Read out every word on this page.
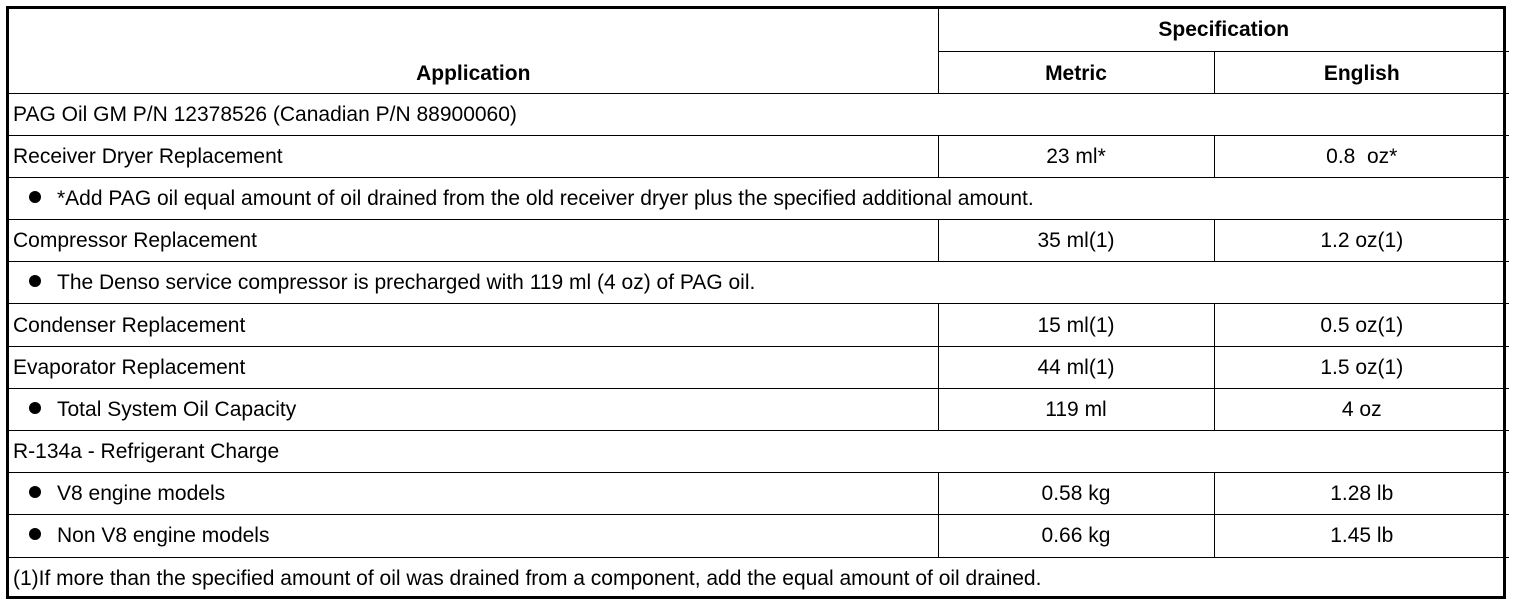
Application	Specification	
	Metric	English
PAG Oil GM P/N 12378526 (Canadian P/N 88900060)		
Receiver Dryer Replacement	23 ml*	0.8  oz*
*Add PAG oil equal amount of oil drained from the old receiver dryer plus the specified additional amount.		
Compressor Replacement	35 ml(1)	1.2 oz(1)
The Denso service compressor is precharged with 119 ml (4 oz) of PAG oil.		
Condenser Replacement	15 ml(1)	0.5 oz(1)
Evaporator Replacement	44 ml(1)	1.5 oz(1)
Total System Oil Capacity	119 ml	4 oz
R-134a - Refrigerant Charge		
V8 engine models	0.58 kg	1.28 lb
Non V8 engine models	0.66 kg	1.45 lb
(1)If more than the specified amount of oil was drained from a component, add the equal amount of oil drained.		
